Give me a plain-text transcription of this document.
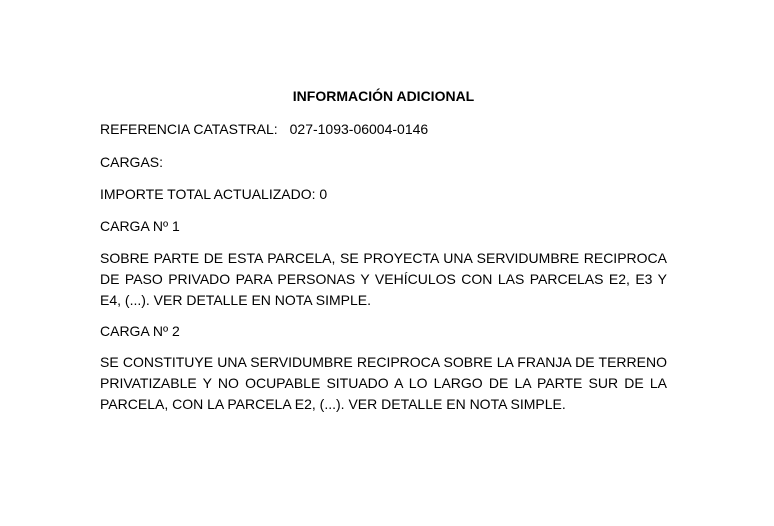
INFORMACIÓN ADICIONAL
REFERENCIA CATASTRAL: 027-1093-06004-0146
CARGAS:
IMPORTE TOTAL ACTUALIZADO: 0
CARGA Nº 1
SOBRE PARTE DE ESTA PARCELA, SE PROYECTA UNA SERVIDUMBRE RECIPROCA DE PASO PRIVADO PARA PERSONAS Y VEHÍCULOS CON LAS PARCELAS E2, E3 Y E4, (...). VER DETALLE EN NOTA SIMPLE.
CARGA Nº 2
SE CONSTITUYE UNA SERVIDUMBRE RECIPROCA SOBRE LA FRANJA DE TERRENO PRIVATIZABLE Y NO OCUPABLE SITUADO A LO LARGO DE LA PARTE SUR DE LA PARCELA, CON LA PARCELA E2, (...). VER DETALLE EN NOTA SIMPLE.
